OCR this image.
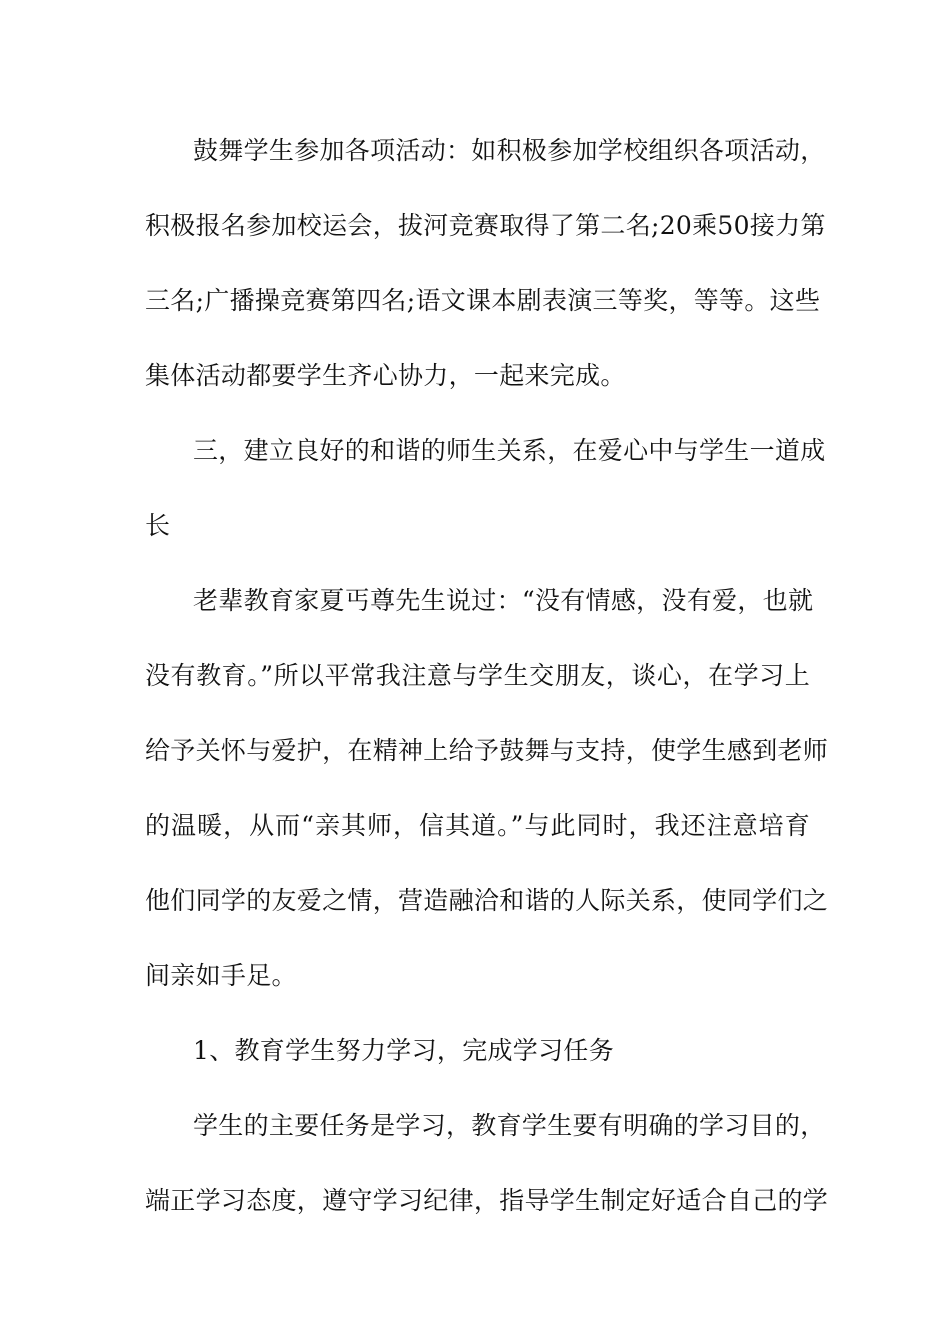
鼓舞学生参加各项活动：如积极参加学校组织各项活动，
积极报名参加校运会，拔河竞赛取得了第二名;20乘50接力第
三名;广播操竞赛第四名;语文课本剧表演三等奖，等等。这些
集体活动都要学生齐心协力，一起来完成。
三，建立良好的和谐的师生关系，在爱心中与学生一道成
长
老辈教育家夏丐尊先生说过：“没有情感，没有爱，也就
没有教育。”所以平常我注意与学生交朋友，谈心，在学习上
给予关怀与爱护，在精神上给予鼓舞与支持，使学生感到老师
的温暖，从而“亲其师，信其道。”与此同时，我还注意培育
他们同学的友爱之情，营造融洽和谐的人际关系，使同学们之
间亲如手足。
1、教育学生努力学习，完成学习任务
学生的主要任务是学习，教育学生要有明确的学习目的，
端正学习态度，遵守学习纪律，指导学生制定好适合自己的学
